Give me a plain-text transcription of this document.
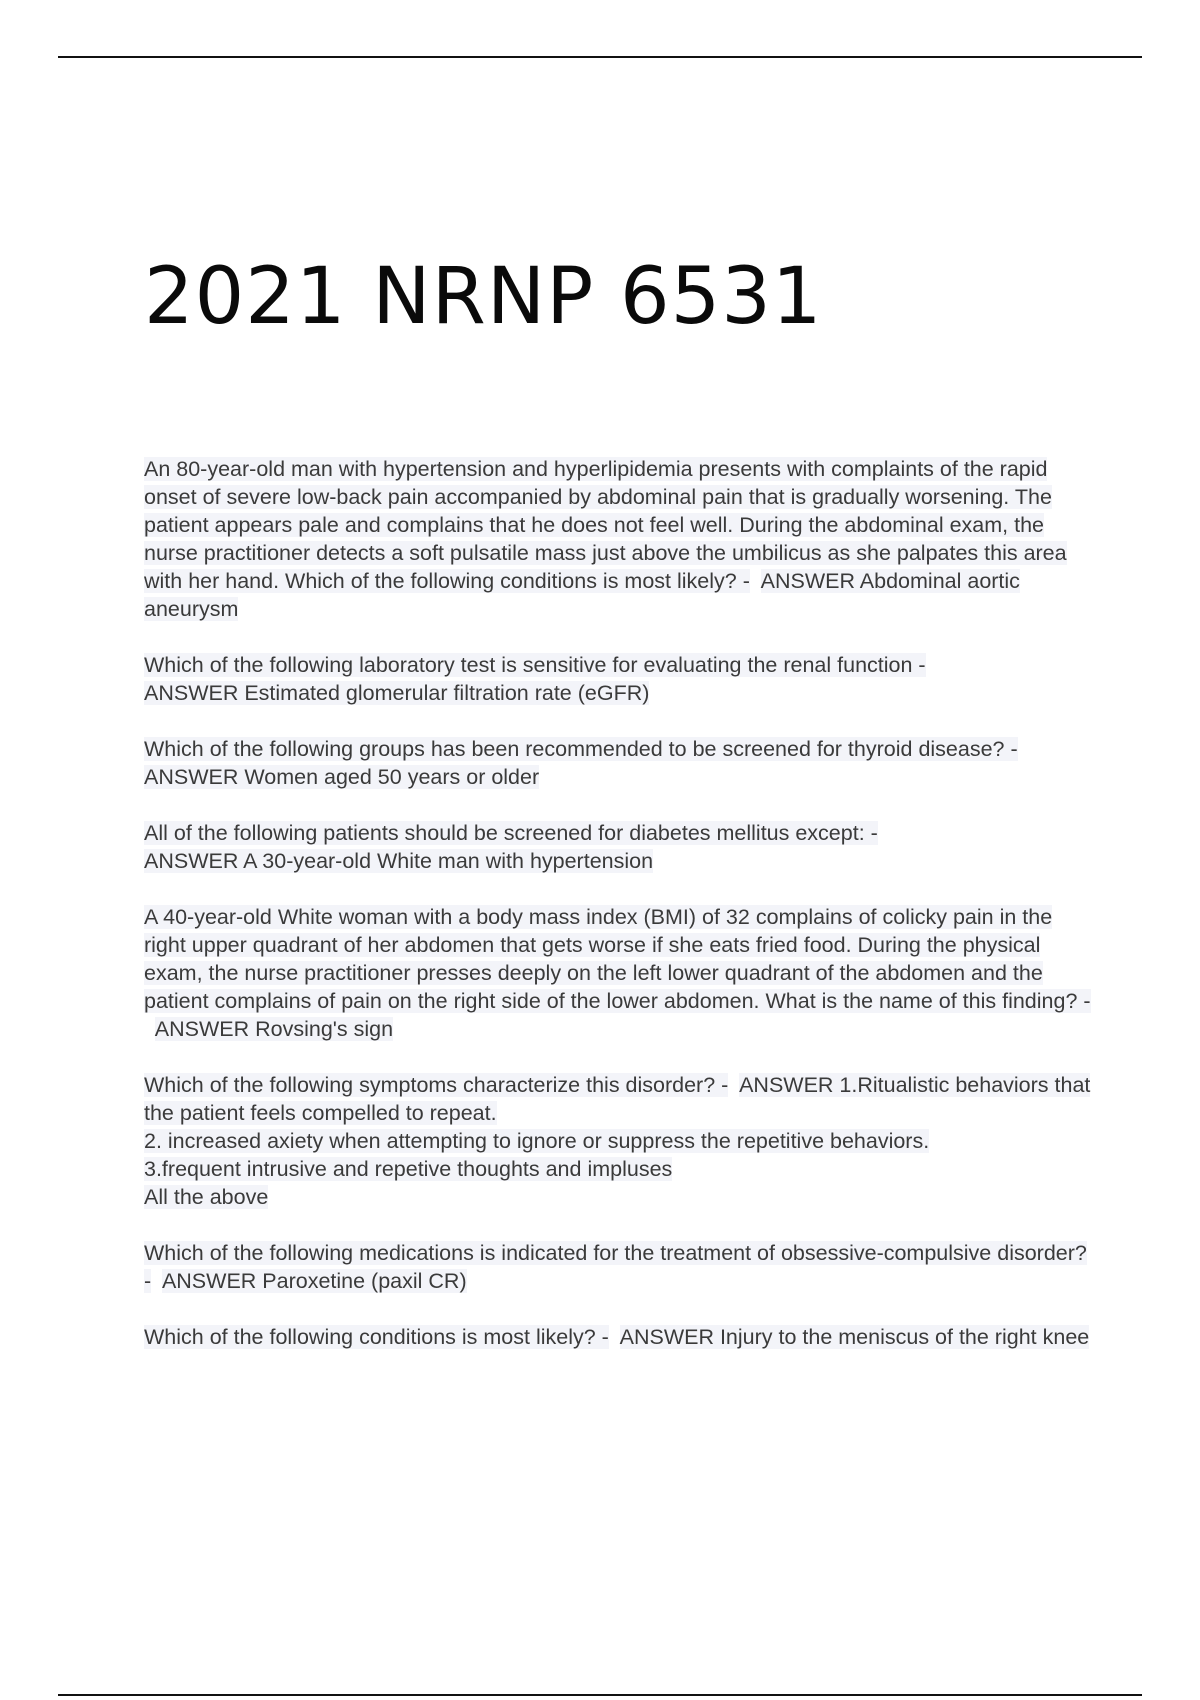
2021 NRNP 6531
An 80-year-old man with hypertension and hyperlipidemia presents with complaints of the rapid onset of severe low-back pain accompanied by abdominal pain that is gradually worsening. The patient appears pale and complains that he does not feel well. During the abdominal exam, the nurse practitioner detects a soft pulsatile mass just above the umbilicus as she palpates this area with her hand. Which of the following conditions is most likely? - ANSWER Abdominal aortic aneurysm
Which of the following laboratory test is sensitive for evaluating the renal function -
ANSWER Estimated glomerular filtration rate (eGFR)
Which of the following groups has been recommended to be screened for thyroid disease? -  ANSWER Women aged 50 years or older
All of the following patients should be screened for diabetes mellitus except: -
ANSWER A 30-year-old White man with hypertension
A 40-year-old White woman with a body mass index (BMI) of 32 complains of colicky pain in the right upper quadrant of her abdomen that gets worse if she eats fried food. During the physical exam, the nurse practitioner presses deeply on the left lower quadrant of the abdomen and the patient complains of pain on the right side of the lower abdomen. What is the name of this finding? -  ANSWER Rovsing's sign
Which of the following symptoms characterize this disorder? - ANSWER 1.Ritualistic behaviors that the patient feels compelled to repeat.
2. increased axiety when attempting to ignore or suppress the repetitive behaviors.
3.frequent intrusive and repetive thoughts and impluses
All the above
Which of the following medications is indicated for the treatment of obsessive-compulsive disorder? - ANSWER Paroxetine (paxil CR)
Which of the following conditions is most likely? - ANSWER Injury to the meniscus of the right knee
